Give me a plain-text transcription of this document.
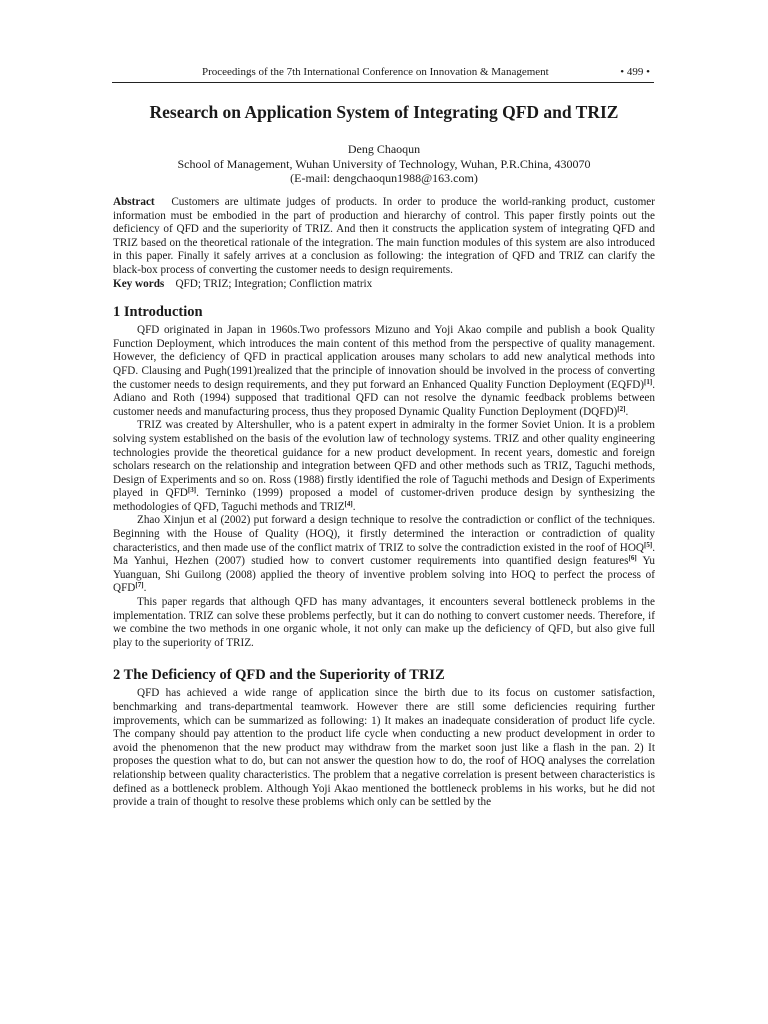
Proceedings of the 7th International Conference on Innovation & Management	• 499 •
Research on Application System of Integrating QFD and TRIZ
Deng Chaoqun
School of Management, Wuhan University of Technology, Wuhan, P.R.China, 430070
(E-mail: dengchaoqun1988@163.com)

Abstract Customers are ultimate judges of products. In order to produce the world-ranking product, customer information must be embodied in the part of production and hierarchy of control. This paper firstly points out the deficiency of QFD and the superiority of TRIZ. And then it constructs the application system of integrating QFD and TRIZ based on the theoretical rationale of the integration. The main function modules of this system are also introduced in this paper. Finally it safely arrives at a conclusion as following: the integration of QFD and TRIZ can clarify the black-box process of converting the customer needs to design requirements.

Key words QFD; TRIZ; Integration; Confliction matrix

1 Introduction

QFD originated in Japan in 1960s.Two professors Mizuno and Yoji Akao compile and publish a book Quality Function Deployment, which introduces the main content of this method from the perspective of quality management. However, the deficiency of QFD in practical application arouses many scholars to add new analytical methods into QFD. Clausing and Pugh(1991)realized that the principle of innovation should be involved in the process of converting the customer needs to design requirements, and they put forward an Enhanced Quality Function Deployment (EQFD)[1]. Adiano and Roth (1994) supposed that traditional QFD can not resolve the dynamic feedback problems between customer needs and manufacturing process, thus they proposed Dynamic Quality Function Deployment (DQFD)[2].

TRIZ was created by Altershuller, who is a patent expert in admiralty in the former Soviet Union. It is a problem solving system established on the basis of the evolution law of technology systems. TRIZ and other quality engineering technologies provide the theoretical guidance for a new product development. In recent years, domestic and foreign scholars research on the relationship and integration between QFD and other methods such as TRIZ, Taguchi methods, Design of Experiments and so on. Ross (1988) firstly identified the role of Taguchi methods and Design of Experiments played in QFD[3]. Terninko (1999) proposed a model of customer-driven produce design by synthesizing the methodologies of QFD, Taguchi methods and TRIZ[4].

Zhao Xinjun et al (2002) put forward a design technique to resolve the contradiction or conflict of the techniques. Beginning with the House of Quality (HOQ), it firstly determined the interaction or contradiction of quality characteristics, and then made use of the conflict matrix of TRIZ to solve the contradiction existed in the roof of HOQ[5]. Ma Yanhui, Hezhen (2007) studied how to convert customer requirements into quantified design features[6] Yu Yuanguan, Shi Guilong (2008) applied the theory of inventive problem solving into HOQ to perfect the process of QFD[7].

This paper regards that although QFD has many advantages, it encounters several bottleneck problems in the implementation. TRIZ can solve these problems perfectly, but it can do nothing to convert customer needs. Therefore, if we combine the two methods in one organic whole, it not only can make up the deficiency of QFD, but also give full play to the superiority of TRIZ.

2 The Deficiency of QFD and the Superiority of TRIZ

QFD has achieved a wide range of application since the birth due to its focus on customer satisfaction, benchmarking and trans-departmental teamwork. However there are still some deficiencies requiring further improvements, which can be summarized as following: 1) It makes an inadequate consideration of product life cycle. The company should pay attention to the product life cycle when conducting a new product development in order to avoid the phenomenon that the new product may withdraw from the market soon just like a flash in the pan. 2) It proposes the question what to do, but can not answer the question how to do, the roof of HOQ analyses the correlation relationship between quality characteristics. The problem that a negative correlation is present between characteristics is defined as a bottleneck problem. Although Yoji Akao mentioned the bottleneck problems in his works, but he did not provide a train of thought to resolve these problems which only can be settled by the
